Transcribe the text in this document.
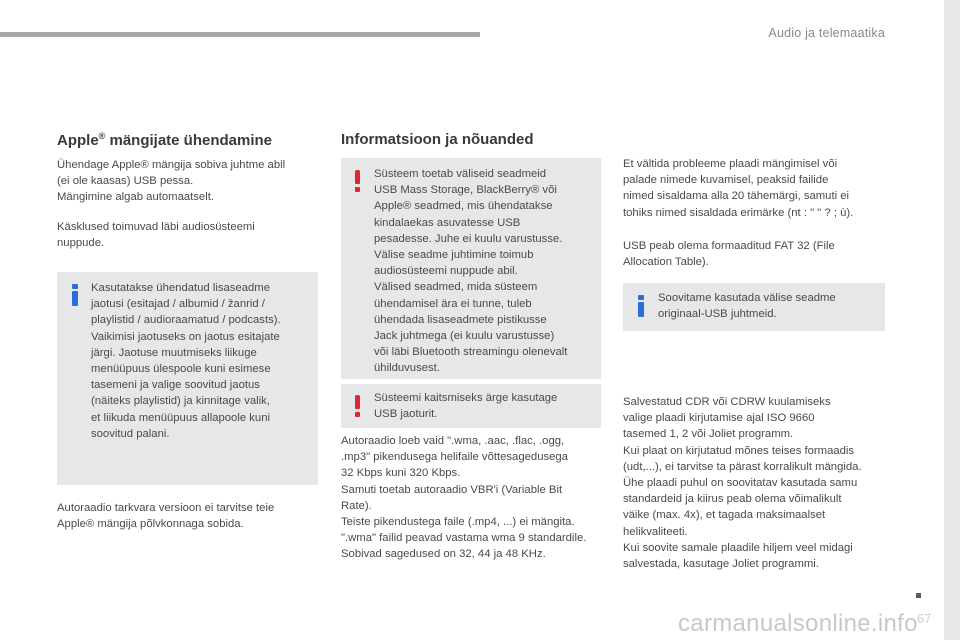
Audio ja telemaatika
67
Apple® mängijate ühendamine
Ühendage Apple® mängija sobiva juhtme abil
(ei ole kaasas) USB pessa.
Mängimine algab automaatselt.
Käsklused toimuvad läbi audiosüsteemi
nuppude.
Kasutatakse ühendatud lisaseadme
jaotusi (esitajad / albumid / žanrid /
playlistid / audioraamatud / podcasts).
Vaikimisi jaotuseks on jaotus esitajate
järgi. Jaotuse muutmiseks liikuge
menüüpuus ülespoole kuni esimese
tasemeni ja valige soovitud jaotus
(näiteks playlistid) ja kinnitage valik,
et liikuda menüüpuus allapoole kuni
soovitud palani.
Autoraadio tarkvara versioon ei tarvitse teie
Apple® mängija põlvkonnaga sobida.
Informatsioon ja nõuanded
Süsteem toetab väliseid seadmeid
USB Mass Storage, BlackBerry® või
Apple® seadmed, mis ühendatakse
kindalaekas asuvatesse USB
pesadesse. Juhe ei kuulu varustusse.
Välise seadme juhtimine toimub
audiosüsteemi nuppude abil.
Välised seadmed, mida süsteem
ühendamisel ära ei tunne, tuleb
ühendada lisaseadmete pistikusse
Jack juhtmega (ei kuulu varustusse)
või läbi Bluetooth streamingu olenevalt
ühilduvusest.
Süsteemi kaitsmiseks ärge kasutage
USB jaoturit.
Autoraadio loeb vaid ".wma, .aac, .flac, .ogg,
.mp3" pikendusega helifaile võttesagedusega
32 Kbps kuni 320 Kbps.
Samuti toetab autoraadio VBR'i (Variable Bit
Rate).
Teiste pikendustega faile (.mp4, ...) ei mängita.
".wma" failid peavad vastama wma 9 standardile.
Sobivad sagedused on 32, 44 ja 48 KHz.
Et vältida probleeme plaadi mängimisel või
palade nimede kuvamisel, peaksid failide
nimed sisaldama alla 20 tähemärgi, samuti ei
tohiks nimed sisaldada erimärke (nt : " " ? ; ù).
USB peab olema formaaditud FAT 32 (File
Allocation Table).
Soovitame kasutada välise seadme
originaal-USB juhtmeid.
Salvestatud CDR või CDRW kuulamiseks
valige plaadi kirjutamise ajal ISO 9660
tasemed 1, 2 või Joliet programm.
Kui plaat on kirjutatud mõnes teises formaadis
(udt,...), ei tarvitse ta pärast korralikult mängida.
Ühe plaadi puhul on soovitatav kasutada samu
standardeid ja kiirus peab olema võimalikult
väike (max. 4x), et tagada maksimaalset
helikvaliteeti.
Kui soovite samale plaadile hiljem veel midagi
salvestada, kasutage Joliet programmi.
carmanualsonline.info
